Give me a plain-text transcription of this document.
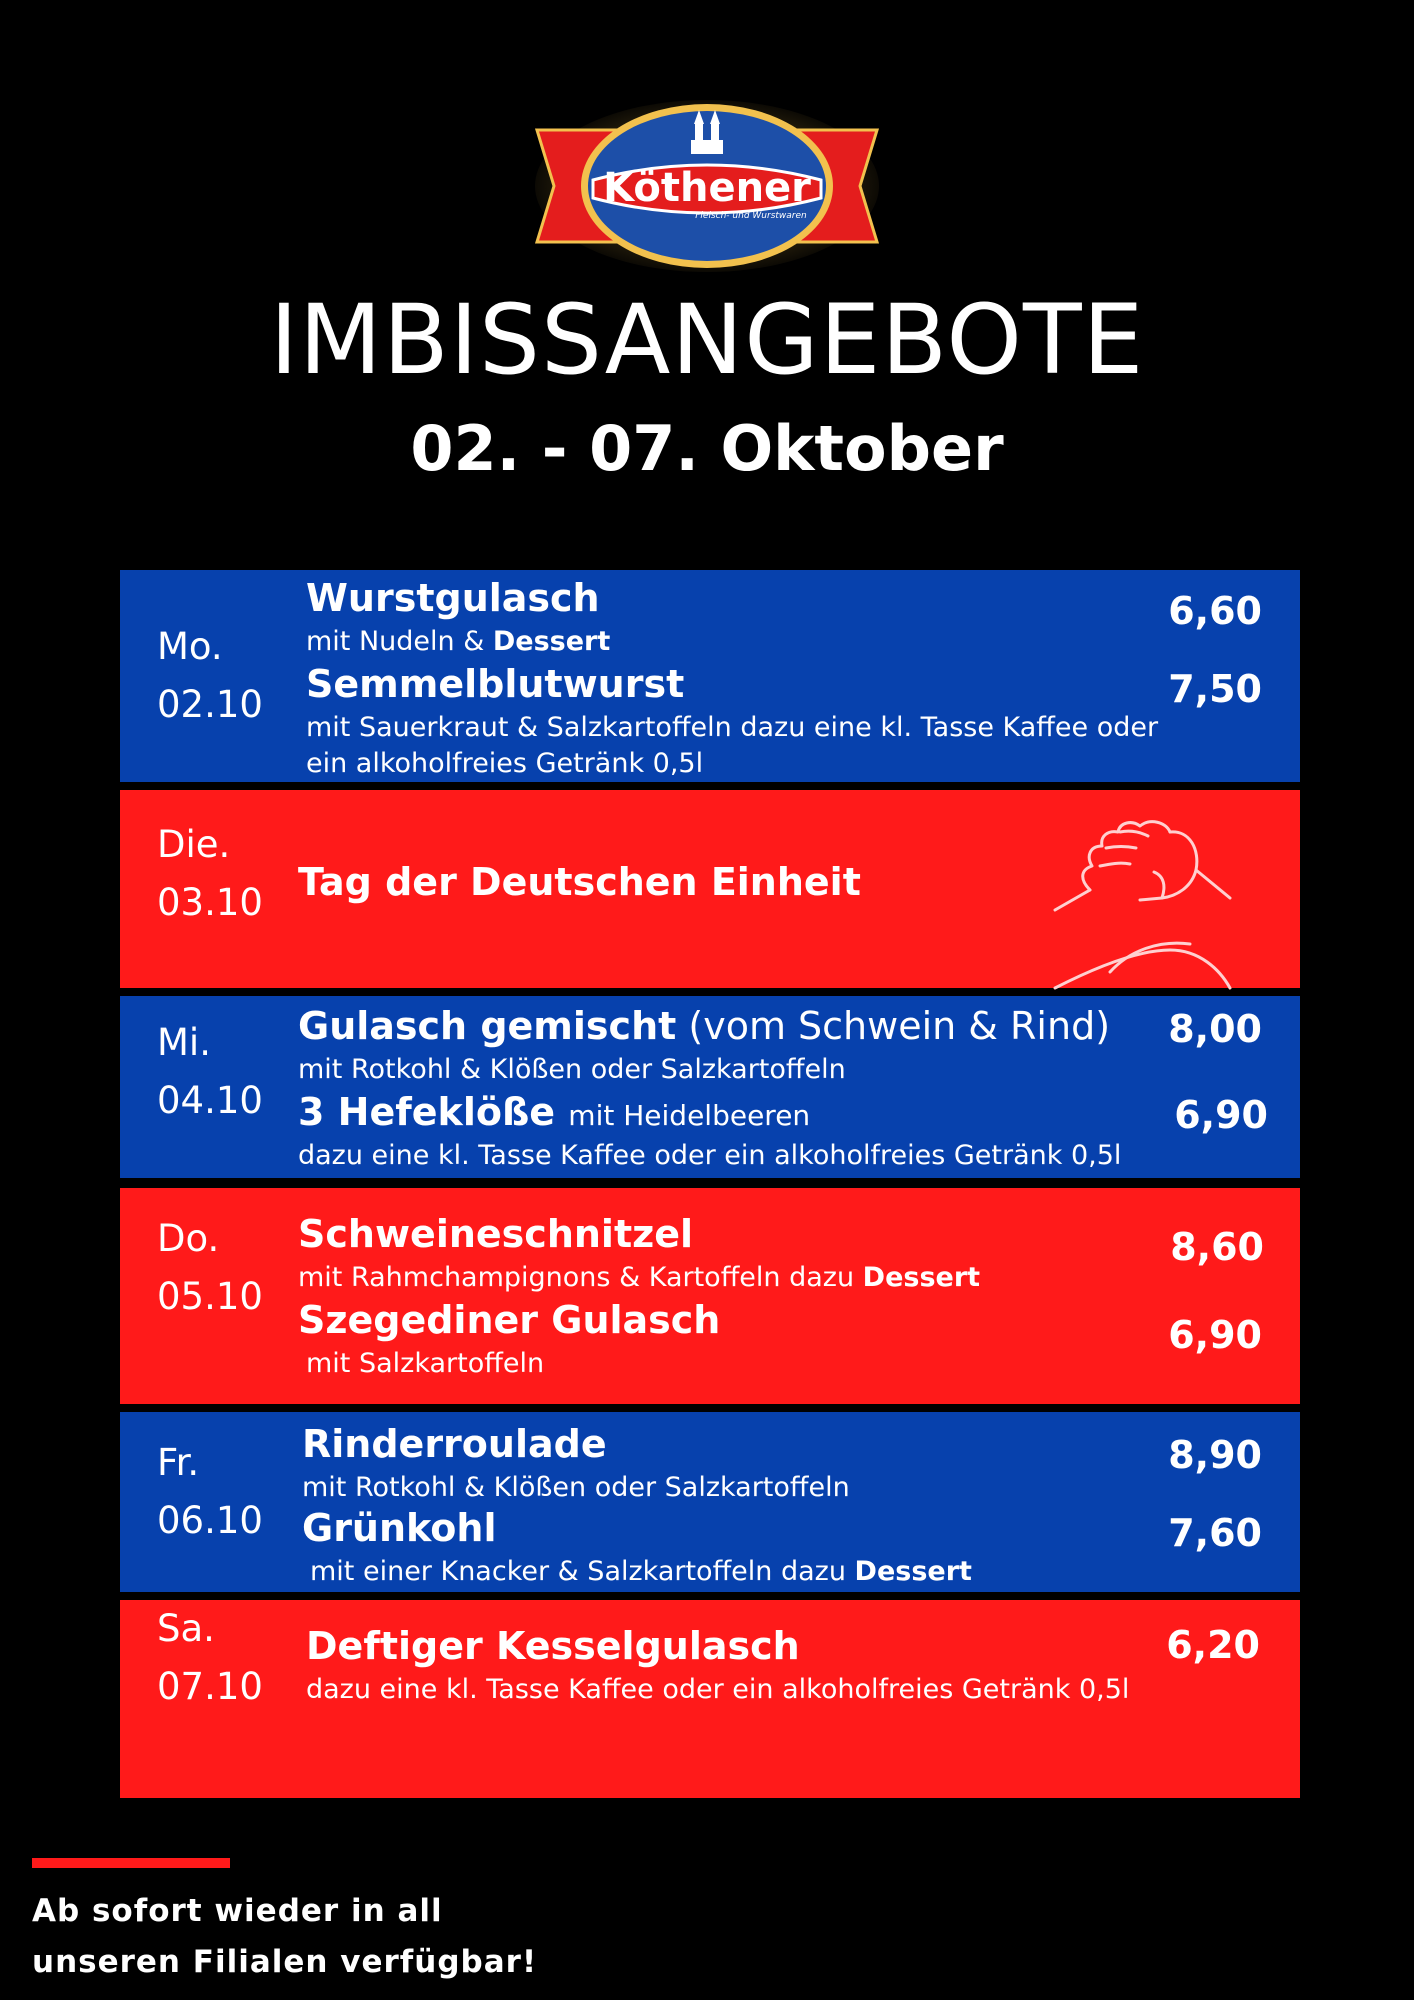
Köthener
Fleisch- und Wurstwaren
IMBISSANGEBOTE
02. - 07. Oktober
Mo.
02.10
Wurstgulasch
mit Nudeln & Dessert
6,60
Semmelblutwurst
mit Sauerkraut & Salzkartoffeln dazu eine kl. Tasse Kaffee oder
ein alkoholfreies Getränk 0,5l
7,50
Die.
03.10 Tag der Deutschen Einheit
Mi.
04.10
Gulasch gemischt (vom Schwein & Rind)
mit Rotkohl & Klößen oder Salzkartoffeln
8,00
3 Hefeklöße mit Heidelbeeren
dazu eine kl. Tasse Kaffee oder ein alkoholfreies Getränk 0,5l
6,90
Do.
05.10
Schweineschnitzel
mit Rahmchampignons & Kartoffeln dazu Dessert
8,60
Szegediner Gulasch
mit Salzkartoffeln
6,90
Fr.
06.10
Rinderroulade
mit Rotkohl & Klößen oder Salzkartoffeln
8,90
Grünkohl
mit einer Knacker & Salzkartoffeln dazu Dessert
7,60
Sa.
07.10
Deftiger Kesselgulasch
dazu eine kl. Tasse Kaffee oder ein alkoholfreies Getränk 0,5l
6,20
Ab sofort wieder in all
unseren Filialen verfügbar!
